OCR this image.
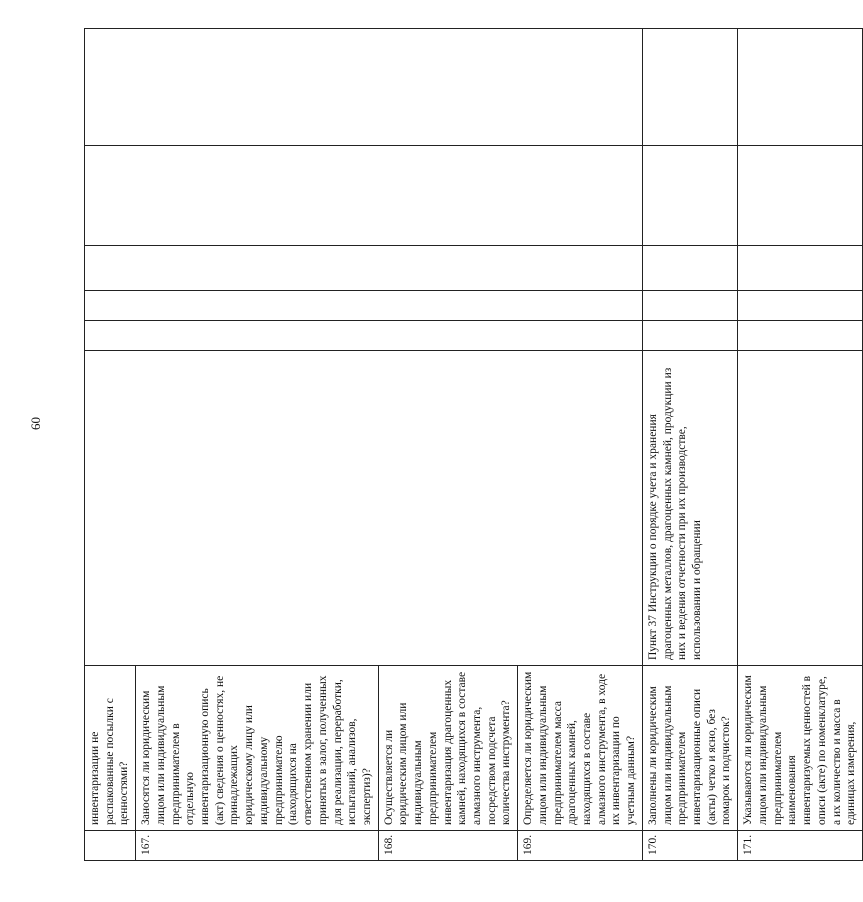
60
	инвентаризации не распакованные посылки с ценностями?						
167.	Заносятся ли юридическим лицом или индивидуальным предпринимателем в отдельную инвентаризационную опись (акт) сведения о ценностях, не принадлежащих юридическому лицу или индивидуальному предпринимателю (находящихся на ответственном хранении или принятых в залог, полученных для реализации, переработки, испытаний, анализов, экспертиз)?						
168.	Осуществляется ли юридическим лицом или индивидуальным предпринимателем инвентаризация драгоценных камней, находящихся в составе алмазного инструмента, посредством подсчета количества инструмента?						
169.	Определяется ли юридическим лицом или индивидуальным предпринимателем масса драгоценных камней, находящихся в составе алмазного инструмента, в ходе их инвентаризации по учетным данным?						
170.	Заполнены ли юридическим лицом или индивидуальным предпринимателем инвентаризационные описи (акты) четко и ясно, без помарок и подчисток?	Пункт 37 Инструкции о порядке учета и хранения драгоценных металлов, драгоценных камней, продукции из них и ведения отчетности при их производстве, использовании и обращении					
171.	Указываются ли юридическим лицом или индивидуальным предпринимателем наименования инвентаризуемых ценностей в описи (акте) по номенклатуре, а их количество и масса в единицах измерения,						
